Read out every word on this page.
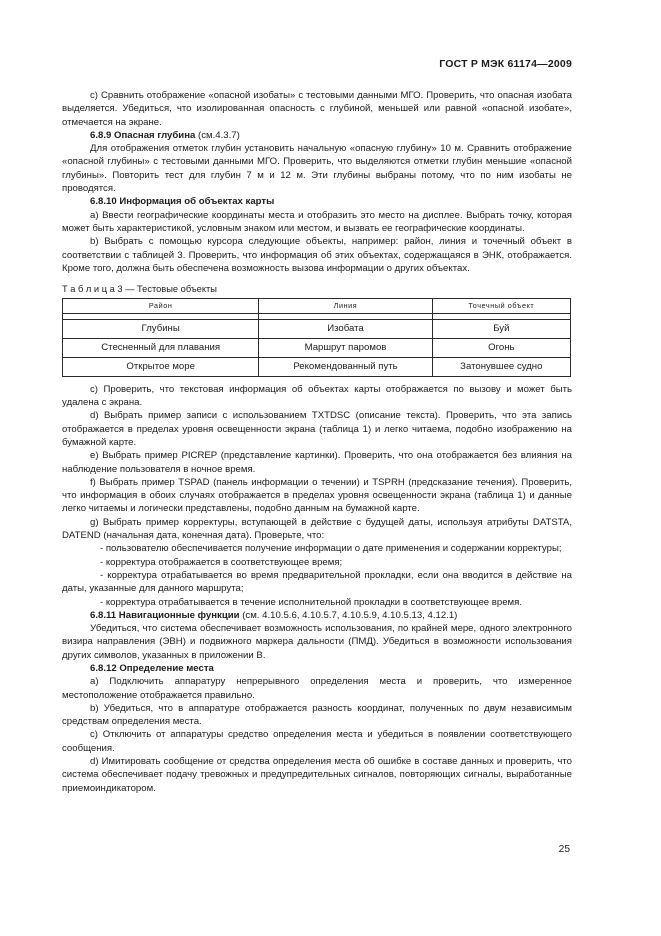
ГОСТ Р МЭК 61174—2009

c) Сравнить отображение «опасной изобаты» с тестовыми данными МГО. Проверить, что опасная изобата выделяется. Убедиться, что изолированная опасность с глубиной, меньшей или равной «опасной изобате», отмечается на экране.

6.8.9 Опасная глубина (см.4.3.7)

Для отображения отметок глубин установить начальную «опасную глубину» 10 м. Сравнить отображение «опасной глубины» с тестовыми данными МГО. Проверить, что выделяются отметки глубин меньшие «опасной глубины». Повторить тест для глубин 7 м и 12 м. Эти глубины выбраны потому, что по ним изобаты не проводятся.

6.8.10 Информация об объектах карты

a) Ввести географические координаты места и отобразить это место на дисплее. Выбрать точку, которая может быть характеристикой, условным знаком или местом, и вызвать ее географические координаты.

b) Выбрать с помощью курсора следующие объекты, например: район, линия и точечный объект в соответствии с таблицей 3. Проверить, что информация об этих объектах, содержащаяся в ЭНК, отображается. Кроме того, должна быть обеспечена возможность вызова информации о других объектах.

Т а б л и ц а 3 — Тестовые объекты

Район	Линия	Точечный объект

Глубины	Изобата	Буй
Стесненный для плавания	Маршрут паромов	Огонь
Открытое море	Рекомендованный путь	Затонувшее судно

c) Проверить, что текстовая информация об объектах карты отображается по вызову и может быть удалена с экрана.

d) Выбрать пример записи с использованием TXTDSC (описание текста). Проверить, что эта запись отображается в пределах уровня освещенности экрана (таблица 1) и легко читаема, подобно изображению на бумажной карте.

e) Выбрать пример PICREP (представление картинки). Проверить, что она отображается без влияния на наблюдение пользователя в ночное время.

f) Выбрать пример TSPAD (панель информации о течении) и TSPRH (предсказание течения). Проверить, что информация в обоих случаях отображается в пределах уровня освещенности экрана (таблица 1) и данные легко читаемы и логически представлены, подобно данным на бумажной карте.

g) Выбрать пример корректуры, вступающей в действие с будущей даты, используя атрибуты DATSTA, DATEND (начальная дата, конечная дата). Проверьте, что:

- пользователю обеспечивается получение информации о дате применения и содержании корректуры;

- корректура отображается в соответствующее время;

- корректура отрабатывается во время предварительной прокладки, если она вводится в действие на даты, указанные для данного маршрута;

- корректура отрабатывается в течение исполнительной прокладки в соответствующее время.

6.8.11 Навигационные функции (см. 4.10.5.6, 4.10.5.7, 4.10.5.9, 4.10.5.13, 4.12.1)

Убедиться, что система обеспечивает возможность использования, по крайней мере, одного электронного визира направления (ЭВН) и подвижного маркера дальности (ПМД). Убедиться в возможности использования других символов, указанных в приложении В.

6.8.12 Определение места

a) Подключить аппаратуру непрерывного определения места и проверить, что измеренное местоположение отображается правильно.

b) Убедиться, что в аппаратуре отображается разность координат, полученных по двум независимым средствам определения места.

c) Отключить от аппаратуры средство определения места и убедиться в появлении соответствующего сообщения.

d) Имитировать сообщение от средства определения места об ошибке в составе данных и проверить, что система обеспечивает подачу тревожных и предупредительных сигналов, повторяющих сигналы, выработанные приемоиндикатором.

25
